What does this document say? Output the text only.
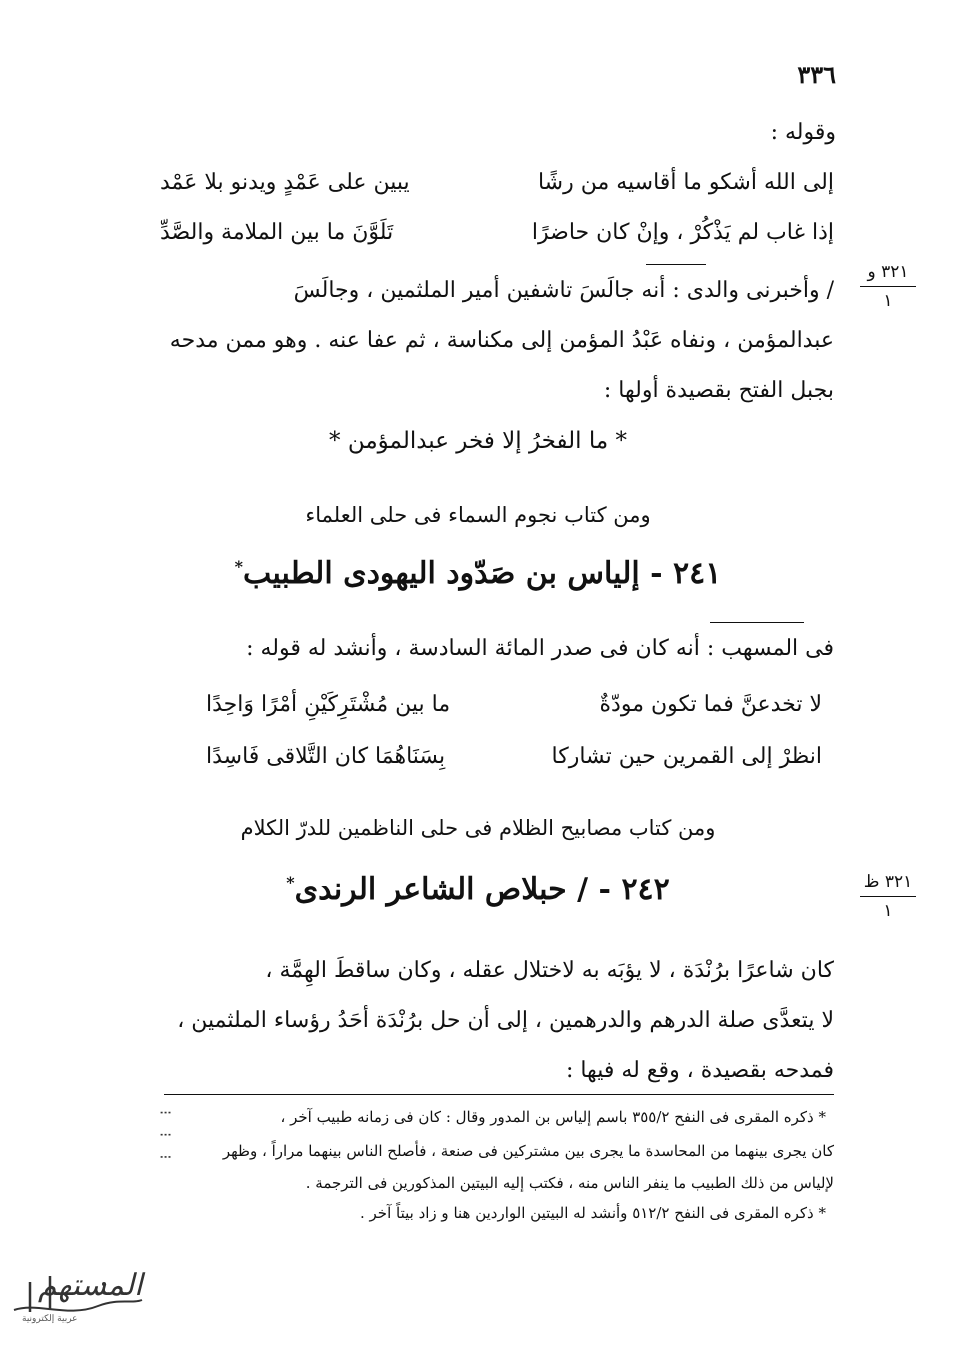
٣٣٦
وقوله :
إلى الله أشكو ما أقاسيه من رشًا
يبين على عَمْدٍ ويدنو بلا عَمْد
إذا غاب لم يَذْكُرْ ، وإنْ كان حاضرًا
تَلَوَّنَ ما بين الملامة والصَّدِّ
/ وأخبرنى والدى : أنه جالَسَ تاشفين أمير الملثمين ، وجالَسَ
عبدالمؤمن ، ونفاه عَبْدُ المؤمن إلى مكناسة ، ثم عفا عنه . وهو ممن مدحه
بجبل الفتح بقصيدة أولها :
٣٢١ و
١
* ما الفخرُ إلا فخر عبدالمؤمن *
ومن كتاب نجوم السماء فى حلى العلماء
٢٤١ - إلياس بن صَدّود اليهودى الطبيب*
فى المسهب : أنه كان فى صدر المائة السادسة ، وأنشد له قوله :
لا تخدعنَّ فما تكون مودّةٌ
ما بين مُشْتَرِكَيْنِ أمْرًا وَاحِدًا
انظرْ إلى القمرين حين تشاركا
بِسَنَاهُمَا كان التَّلاقى فَاسِدًا
ومن كتاب مصابيح الظلام فى حلى الناظمين للدرّ الكلام
٢٤٢ - / حبلاص الشاعر الرندى*	٣٢١ ظ
١
كان شاعرًا برُنْدَة ، لا يؤبَه به لاختلال عقله ، وكان ساقطَ الهِمَّة ،
لا يتعدَّى صلة الدرهم والدرهمين ، إلى أن حل برُنْدَة أحَدُ رؤساء الملثمين ،
فمدحه بقصيدة ، وقع له فيها :
* ذكره المقرى فى النفح ٣٥٥/٢ باسم إلياس بن المدور وقال : كان فى زمانه طبيب آخر ،
كان يجرى بينهما من المحاسدة ما يجرى بين مشتركين فى صنعة ، فأصلح الناس بينهما مراراً ، وظهر
لإلياس من ذلك الطبيب ما ينفر الناس منه ، فكتب إليه البيتين المذكورين فى الترجمة .
* ذكره المقرى فى النفح ٥١٢/٢ وأنشد له البيتين الواردين هنا و زاد بيتاً آخر .
⁝ ⁝ ⁝
المستهم
عربية إلكترونية
